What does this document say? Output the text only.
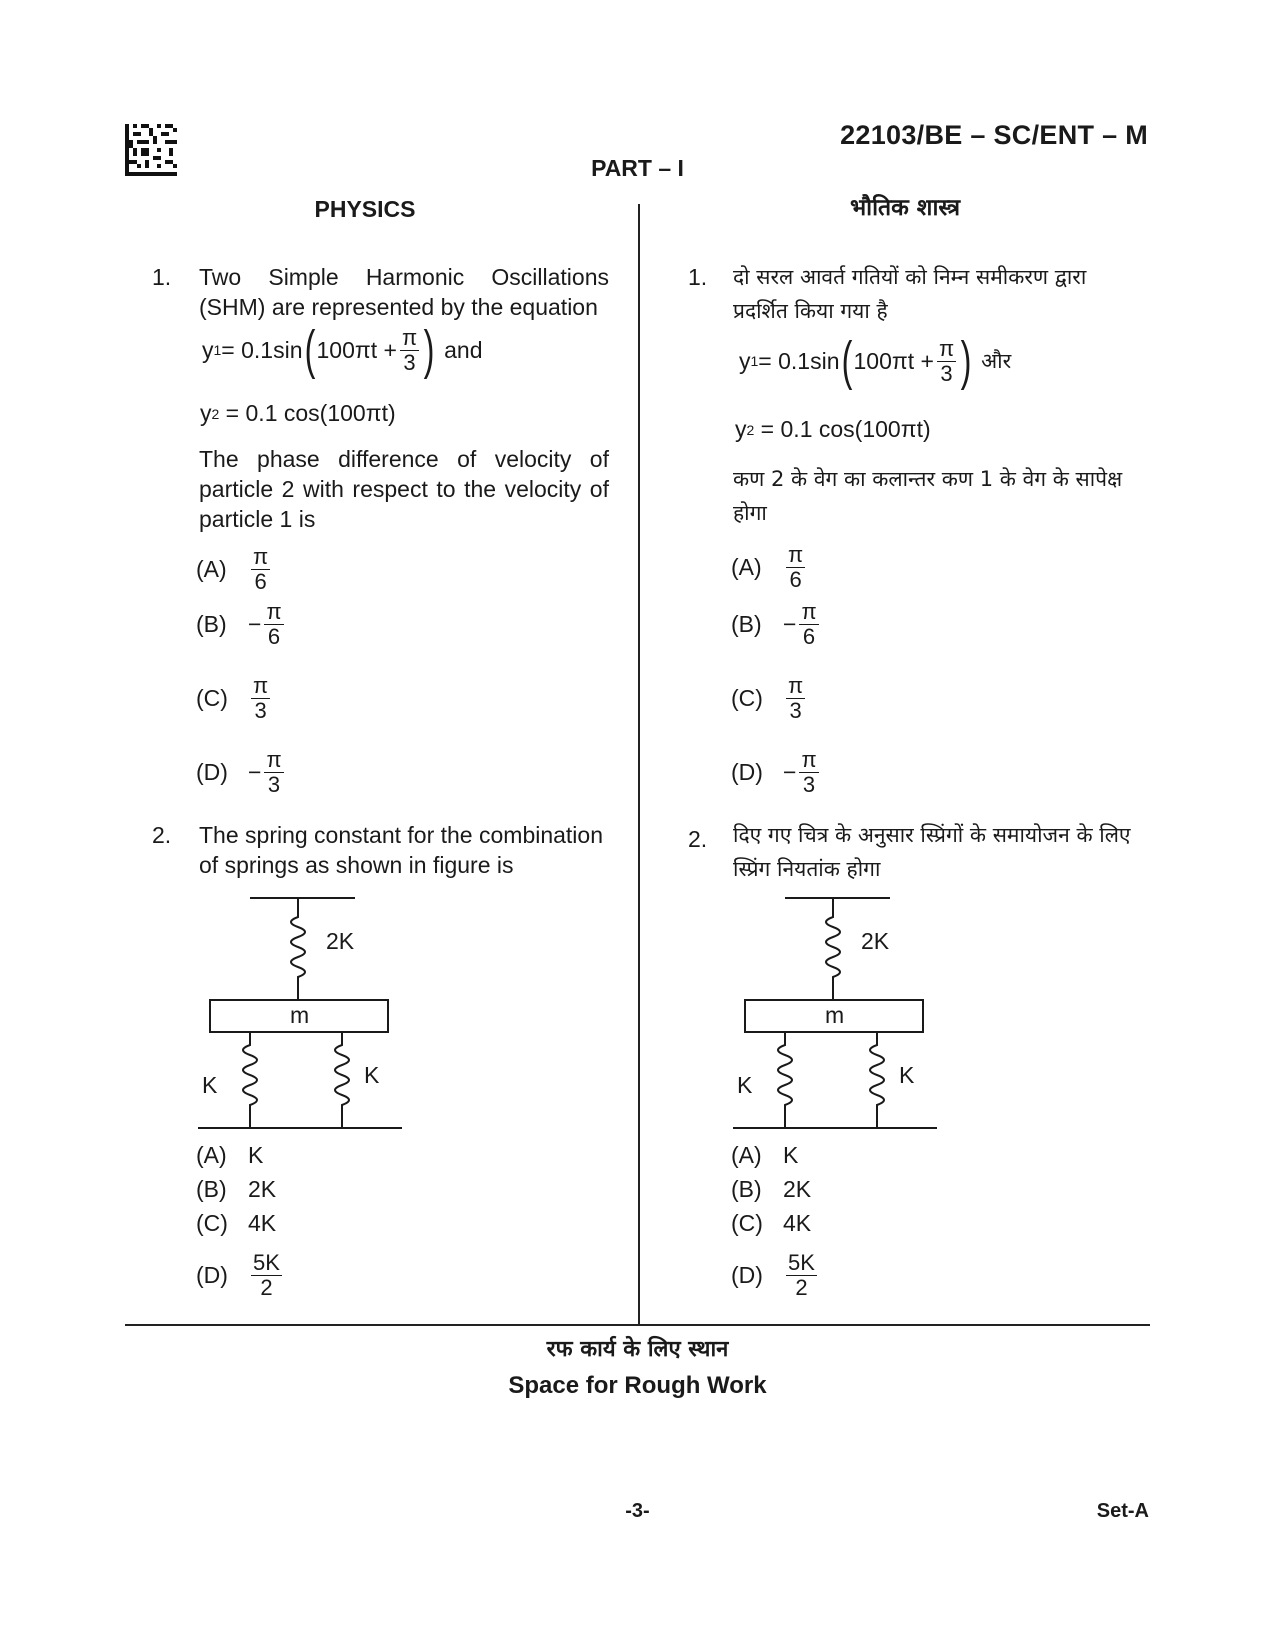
22103/BE – SC/ENT – M
PART – I
PHYSICS
1. Two Simple Harmonic Oscillations (SHM) are represented by the equation
y 1 = 0.1sin ( $100\pi t + \frac{\pi}{3}$ ) and
y 2 = 0.1 cos(100πt)
The phase difference of velocity of particle 2 with respect to the velocity of particle 1 is
(A)	$\frac{\pi}{6}$
$(B) - \frac{\pi}{6}$
(C)	$\frac{\pi}{3}$
$(D) - \frac{\pi}{3}$
2. The spring constant for the combination of springs as shown in figure is
2K
m
K	K
(A) K
(B) 2K
(C) 4K
(D)	$\frac{5K}{2}$
भौतिक शास्त्र
1. दो सरल आवर्त गतियों को निम्न समीकरण द्वारा प्रदर्शित किया गया है
y 1 = 0.1sin ( $100\pi t + \frac{\pi}{3}$ ) और
y 2 = 0.1 cos(100πt)
कण 2 के वेग का कलान्तर कण 1 के वेग के सापेक्ष होगा
(A)	$\frac{\pi}{6}$
$(B) - \frac{\pi}{6}$
(C)	$\frac{\pi}{3}$
$(D) - \frac{\pi}{3}$
2. दिए गए चित्र के अनुसार स्प्रिंगों के समायोजन के लिए स्प्रिंग नियतांक होगा
2K
m
K	K
(A) K
(B) 2K
(C) 4K
(D)	$\frac{5K}{2}$
रफ कार्य के लिए स्थान
Space for Rough Work
-3-	Set-A
